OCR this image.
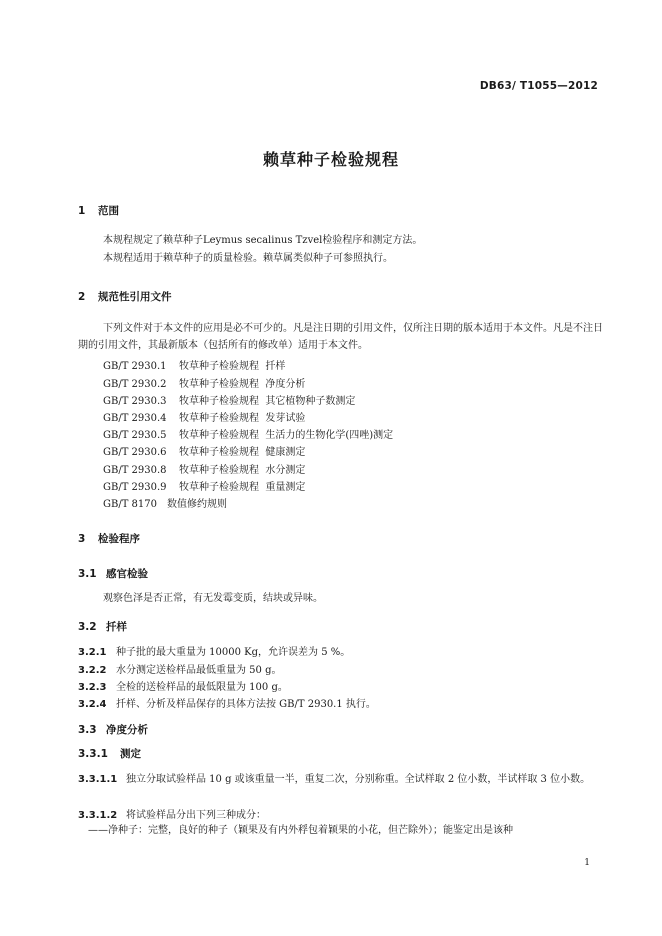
DB63/ T1055—2012
赖草种子检验规程
1 范围
本规程规定了赖草种子Leymus secalinus Tzvel检验程序和测定方法。
本规程适用于赖草种子的质量检验。赖草属类似种子可参照执行。
2 规范性引用文件
下列文件对于本文件的应用是必不可少的。凡是注日期的引用文件，仅所注日期的版本适用于本文件。凡是不注日期的引用文件，其最新版本（包括所有的修改单）适用于本文件。
GB/T 2930.1 牧草种子检验规程  扦样
GB/T 2930.2 牧草种子检验规程  净度分析
GB/T 2930.3 牧草种子检验规程  其它植物种子数测定
GB/T 2930.4 牧草种子检验规程  发芽试验
GB/T 2930.5 牧草种子检验规程  生活力的生物化学(四唑)测定
GB/T 2930.6 牧草种子检验规程  健康测定
GB/T 2930.8 牧草种子检验规程  水分测定
GB/T 2930.9 牧草种子检验规程  重量测定
GB/T 8170 数值修约规则
3 检验程序
3.1 感官检验
观察色泽是否正常，有无发霉变质，结块或异味。
3.2 扦样
3.2.1 种子批的最大重量为 10000 Kg，允许误差为 5 %。
3.2.2 水分测定送检样品最低重量为 50 g。
3.2.3 全检的送检样品的最低限量为 100 g。
3.2.4 扦样、分析及样品保存的具体方法按 GB/T 2930.1 执行。
3.3 净度分析
3.3.1 测定
3.3.1.1 独立分取试验样品 10 g 或该重量一半，重复二次，分别称重。全试样取 2 位小数，半试样取 3 位小数。
3.3.1.2 将试验样品分出下列三种成分：
——净种子：完整，良好的种子（颖果及有内外稃包着颖果的小花，但芒除外）；能鉴定出是该种
1
